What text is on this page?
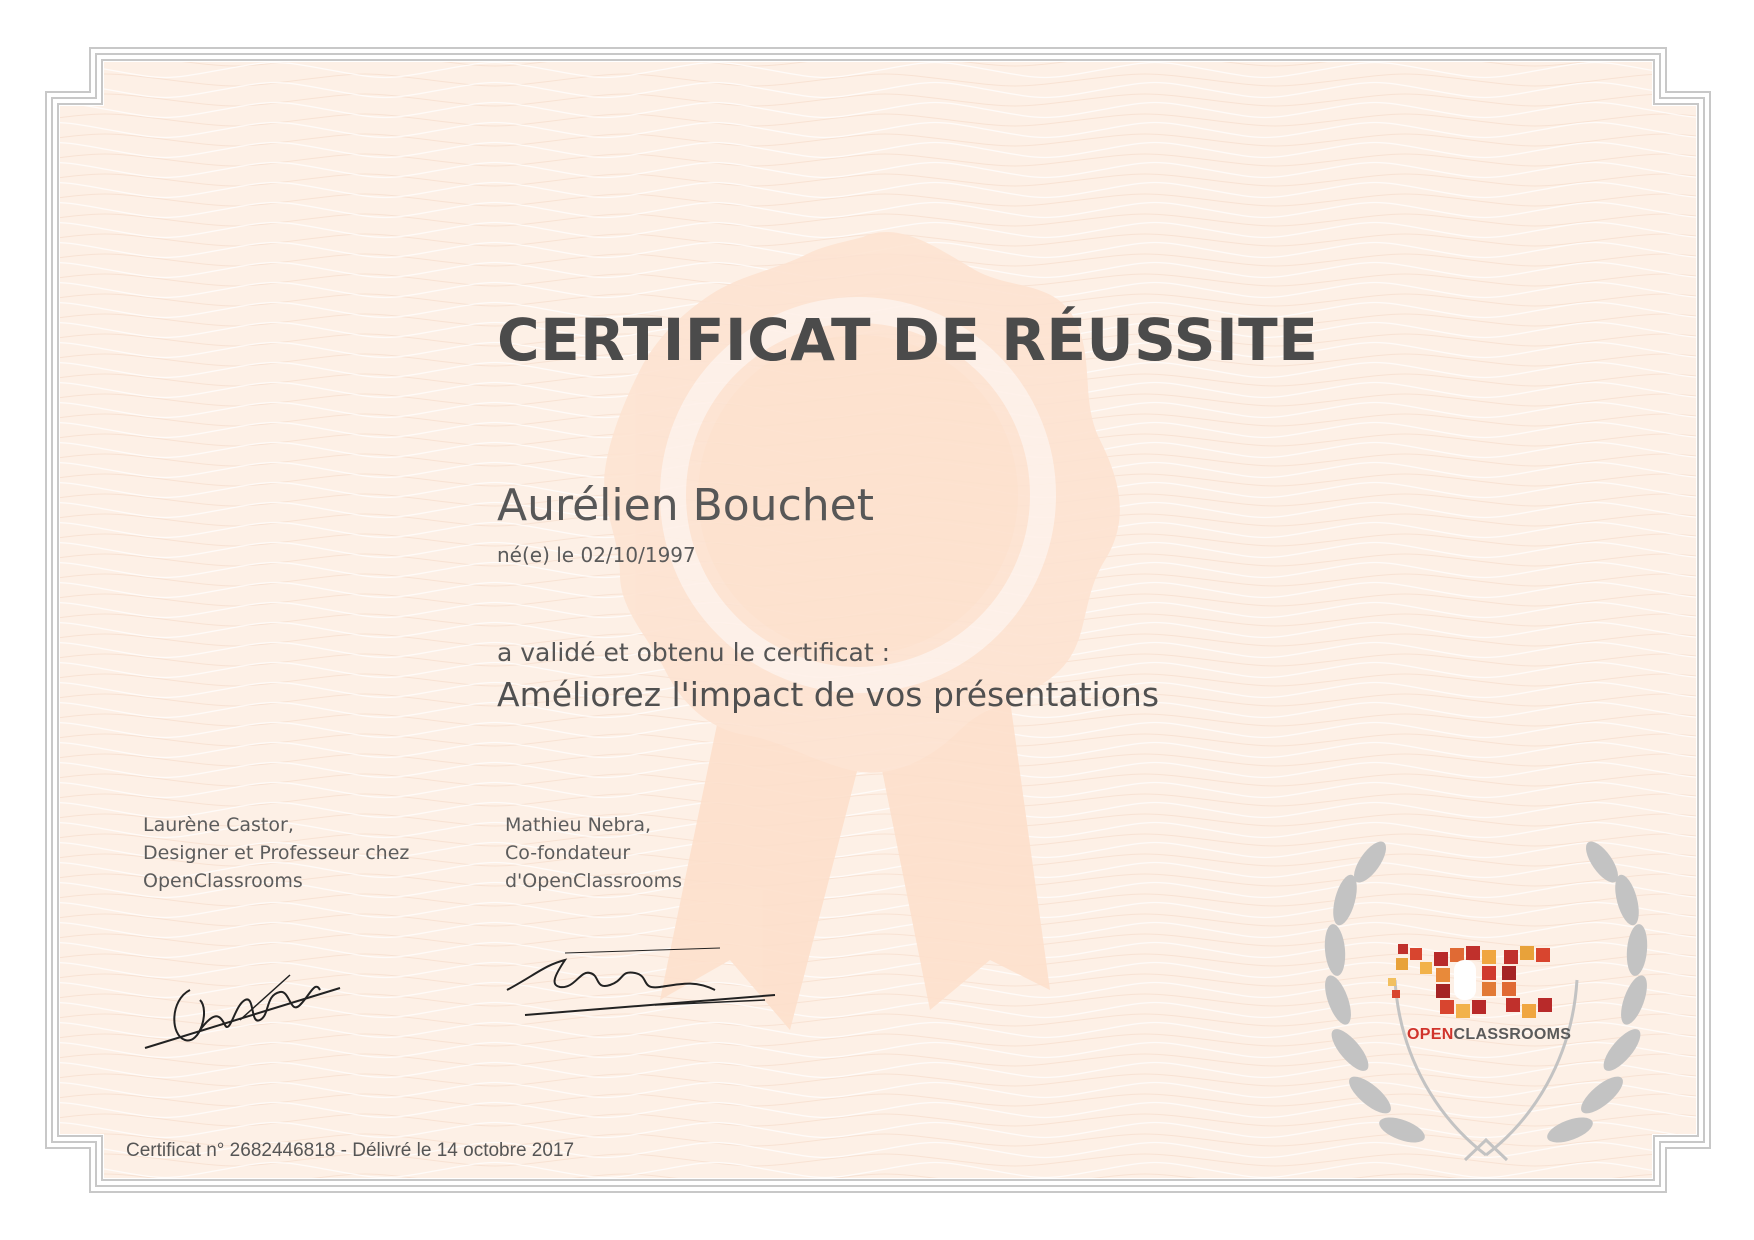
CERTIFICAT DE RÉUSSITE
Aurélien Bouchet
né(e) le 02/10/1997
a validé et obtenu le certificat :
Améliorez l'impact de vos présentations
Laurène Castor,
Designer et Professeur chez
OpenClassrooms
Mathieu Nebra,
Co-fondateur
d'OpenClassrooms
OPENCLASSROOMS
Certificat n° 2682446818 - Délivré le 14 octobre 2017
